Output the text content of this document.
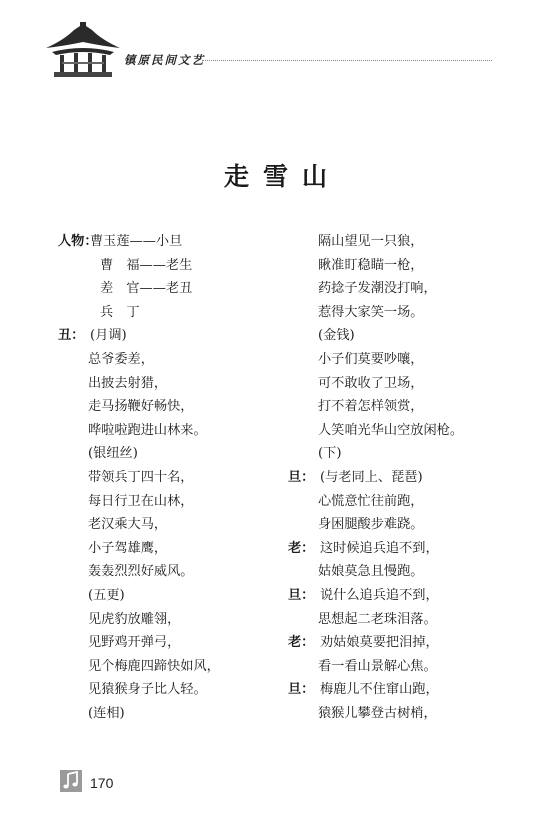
镇原民间文艺
走雪山
人物：
曹玉莲——小旦
曹　福——老生
差　官——老丑
兵　丁
丑： (月调)
总爷委差，
出披去射猎，
走马扬鞭好畅快，
哗啦啦跑进山林来。
(银纽丝)
带领兵丁四十名，
每日行卫在山林，
老汉乘大马，
小子驾雄鹰，
轰轰烈烈好威风。
(五更)
见虎豹放雕翎，
见野鸡开弹弓，
见个梅鹿四蹄快如风，
见猿猴身子比人轻。
(连相)
隔山望见一只狼，
瞅准盯稳瞄一枪，
药捻子发潮没打响，
惹得大家笑一场。
(金钱)
小子们莫要吵嚷，
可不敢收了卫场，
打不着怎样领赏，
人笑咱光华山空放闲枪。
(下)
旦： (与老同上、琵琶)
心慌意忙往前跑，
身困腿酸步难跷。
老： 这时候追兵追不到，
姑娘莫急且慢跑。
旦： 说什么追兵追不到，
思想起二老珠泪落。
老： 劝姑娘莫要把泪掉，
看一看山景解心焦。
旦： 梅鹿儿不住窜山跑，
猿猴儿攀登古树梢，
170
